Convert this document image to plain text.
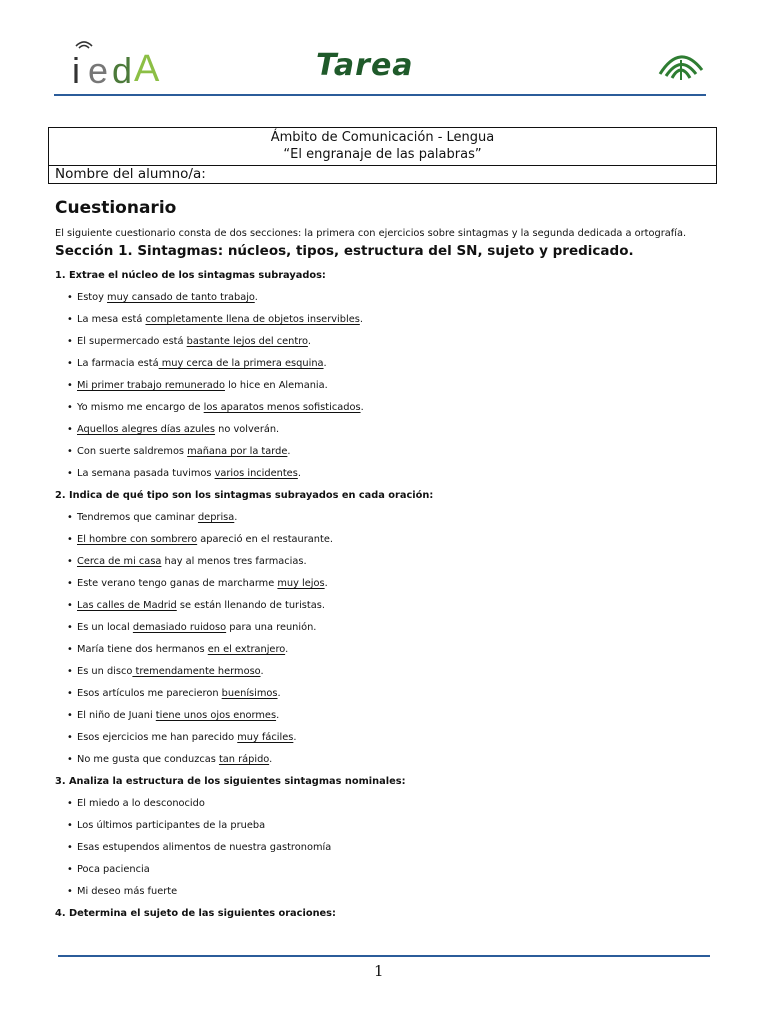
i e d A	Tarea
Ámbito de Comunicación - Lengua
“El engranaje de las palabras”
Nombre del alumno/a:
Cuestionario

El siguiente cuestionario consta de dos secciones: la primera con ejercicios sobre sintagmas y la segunda dedicada a ortografía.

Sección 1. Sintagmas: núcleos, tipos, estructura del SN, sujeto y predicado.

1. Extrae el núcleo de los sintagmas subrayados:

• Estoy muy cansado de tanto trabajo.
• La mesa está completamente llena de objetos inservibles.
• El supermercado está bastante lejos del centro.
• La farmacia está muy cerca de la primera esquina.
• Mi primer trabajo remunerado lo hice en Alemania.
• Yo mismo me encargo de los aparatos menos sofisticados.
• Aquellos alegres días azules no volverán.
• Con suerte saldremos mañana por la tarde.
• La semana pasada tuvimos varios incidentes.

2. Indica de qué tipo son los sintagmas subrayados en cada oración:

• Tendremos que caminar deprisa.
• El hombre con sombrero apareció en el restaurante.
• Cerca de mi casa hay al menos tres farmacias.
• Este verano tengo ganas de marcharme muy lejos.
• Las calles de Madrid se están llenando de turistas.
• Es un local demasiado ruidoso para una reunión.
• María tiene dos hermanos en el extranjero.
• Es un disco tremendamente hermoso.
• Esos artículos me parecieron buenísimos.
• El niño de Juani tiene unos ojos enormes.
• Esos ejercicios me han parecido muy fáciles.
• No me gusta que conduzcas tan rápido.

3. Analiza la estructura de los siguientes sintagmas nominales:

• El miedo a lo desconocido
• Los últimos participantes de la prueba
• Esas estupendos alimentos de nuestra gastronomía
• Poca paciencia
• Mi deseo más fuerte

4. Determina el sujeto de las siguientes oraciones:

1
